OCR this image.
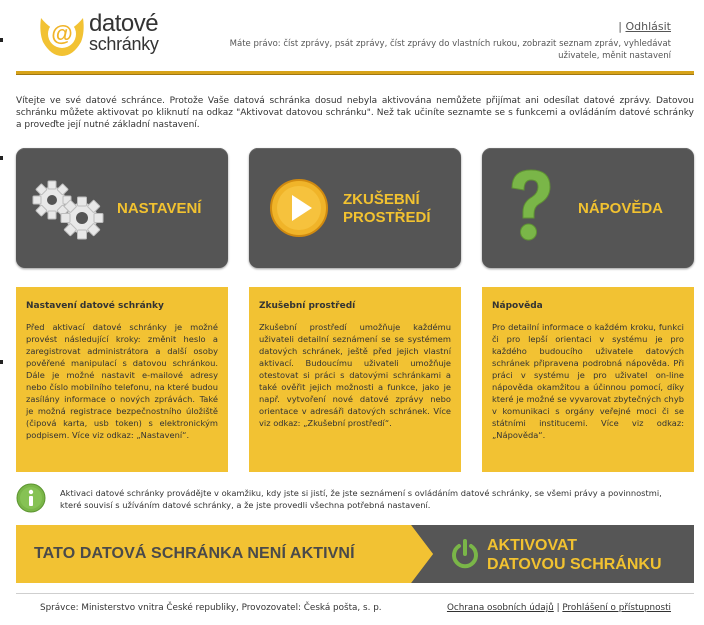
@ datové
schránky
| Odhlásit
Máte právo: číst zprávy, psát zprávy, číst zprávy do vlastních rukou, zobrazit seznam zpráv, vyhledávat uživatele, měnit nastavení
Vítejte ve své datové schránce. Protože Vaše datová schránka dosud nebyla aktivována nemůžete přijímat ani odesílat datové zprávy. Datovou schránku můžete aktivovat po kliknutí na odkaz "Aktivovat datovou schránku". Než tak učiníte seznamte se s funkcemi a ovládáním datové schránky a proveďte její nutné základní nastavení.
NASTAVENÍ
ZKUŠEBNÍ
PROSTŘEDÍ
NÁPOVĚDA
Nastavení datové schránky
Před aktivací datové schránky je možné provést následující kroky: změnit heslo a zaregistrovat administrátora a další osoby pověřené manipulací s datovou schránkou. Dále je možné nastavit e-mailové adresy nebo číslo mobilního telefonu, na které budou zasílány informace o nových zprávách. Také je možná registrace bezpečnostního úložiště (čipová karta, usb token) s elektronickým podpisem. Více viz odkaz: „Nastavení“.
Zkušební prostředí
Zkušební prostředí umožňuje každému uživateli detailní seznámení se se systémem datových schránek, ještě před jejich vlastní aktivací. Budoucímu uživateli umožňuje otestovat si práci s datovými schránkami a také ověřit jejich možnosti a funkce, jako je např. vytvoření nové datové zprávy nebo orientace v adresáři datových schránek. Více viz odkaz: „Zkušební prostředí“.
Nápověda
Pro detailní informace o každém kroku, funkci či pro lepší orientaci v systému je pro každého budoucího uživatele datových schránek připravena podrobná nápověda. Při práci v systému je pro uživatel on-line nápověda okamžitou a účinnou pomocí, díky které je možné se vyvarovat zbytečných chyb v komunikaci s orgány veřejné moci či se státními institucemi. Více viz odkaz: „Nápověda“.
Aktivaci datové schránky provádějte v okamžiku, kdy jste si jistí, že jste seznámení s ovládáním datové schránky, se všemi právy a povinnostmi, které souvisí s užíváním datové schránky, a že jste provedli všechna potřebná nastavení.
TATO DATOVÁ SCHRÁNKA NENÍ AKTIVNÍ	AKTIVOVAT
DATOVOU SCHRÁNKU
Správce: Ministerstvo vnitra České republiky, Provozovatel: Česká pošta, s. p.	Ochrana osobních údajů | Prohlášení o přístupnosti
